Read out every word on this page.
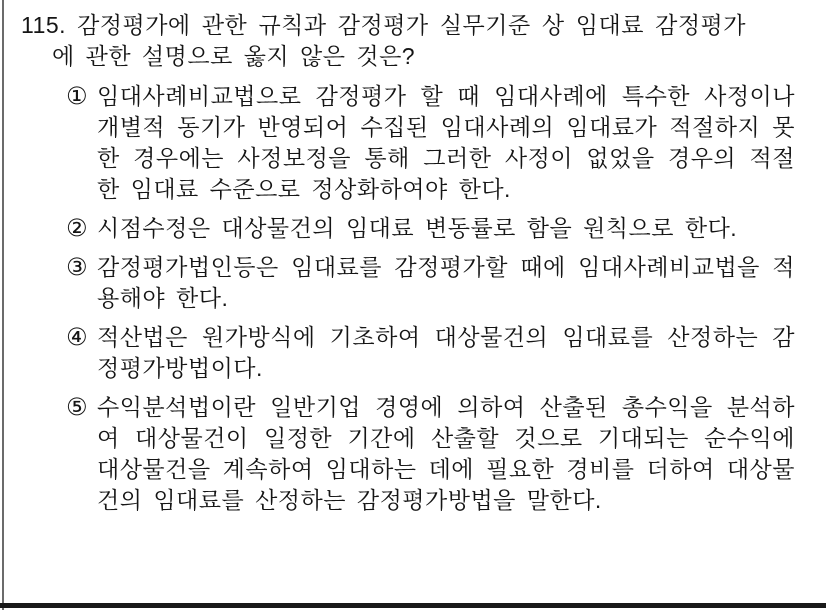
115. 감정평가에 관한 규칙과 감정평가 실무기준 상 임대료 감정평가에 관한 설명으로 옳지 않은 것은?

① 임대사례비교법으로 감정평가 할 때 임대사례에 특수한 사정이나 개별적 동기가 반영되어 수집된 임대사례의 임대료가 적절하지 못한 경우에는 사정보정을 통해 그러한 사정이 없었을 경우의 적절한 임대료 수준으로 정상화하여야 한다.
② 시점수정은 대상물건의 임대료 변동률로 함을 원칙으로 한다.
③ 감정평가법인등은 임대료를 감정평가할 때에 임대사례비교법을 적용해야 한다.
④ 적산법은 원가방식에 기초하여 대상물건의 임대료를 산정하는 감정평가방법이다.
⑤ 수익분석법이란 일반기업 경영에 의하여 산출된 총수익을 분석하여 대상물건이 일정한 기간에 산출할 것으로 기대되는 순수익에 대상물건을 계속하여 임대하는 데에 필요한 경비를 더하여 대상물건의 임대료를 산정하는 감정평가방법을 말한다.
